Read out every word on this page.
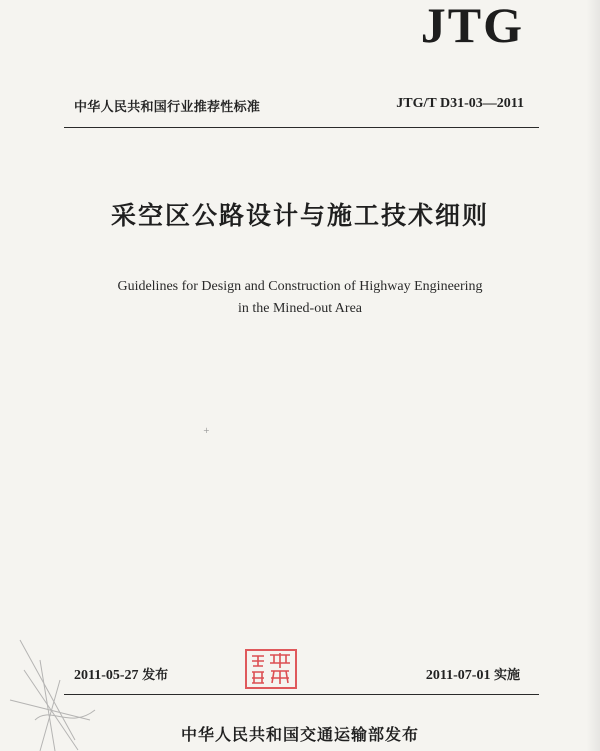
JTG
中华人民共和国行业推荐性标准	JTG/T D31-03—2011
采空区公路设计与施工技术细则
Guidelines for Design and Construction of Highway Engineering
in the Mined-out Area
+
2011-05-27 发布	2011-07-01 实施
中华人民共和国交通运输部发布
